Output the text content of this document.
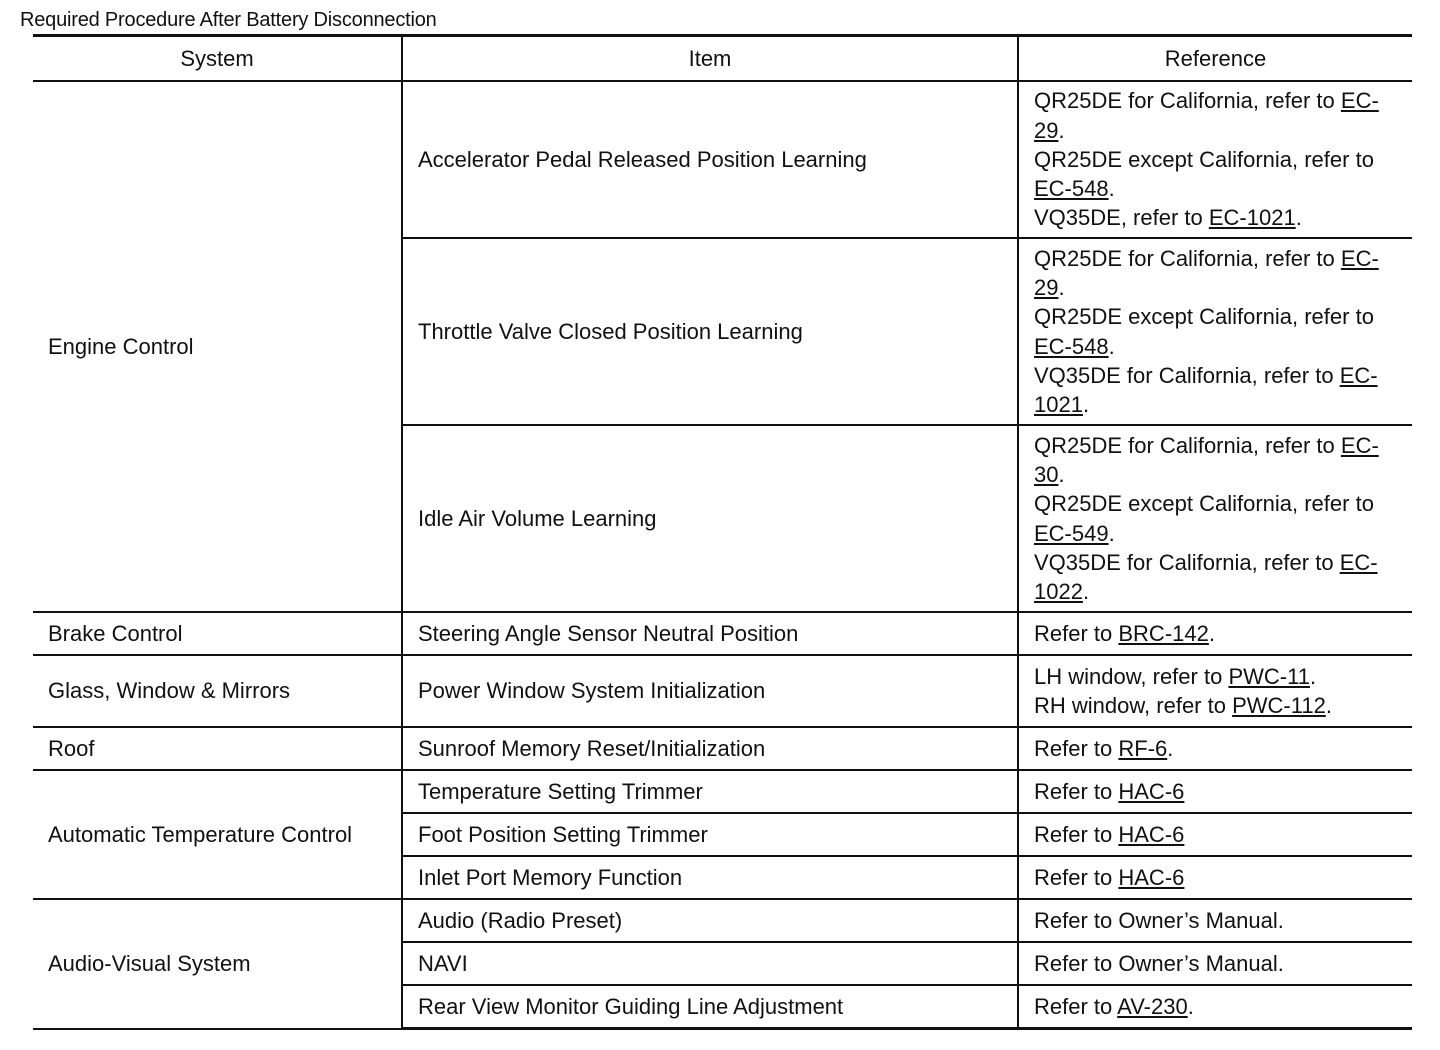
Required Procedure After Battery Disconnection
System	Item	Reference
Engine Control	Accelerator Pedal Released Position Learning	QR25DE for California, refer to EC-29.
QR25DE except California, refer to EC-548.
VQ35DE, refer to EC-1021.

	Throttle Valve Closed Position Learning	QR25DE for California, refer to EC-29.
QR25DE except California, refer to EC-548.
VQ35DE for California, refer to EC-1021.

	Idle Air Volume Learning	QR25DE for California, refer to EC-30.
QR25DE except California, refer to EC-549.
VQ35DE for California, refer to EC-1022.

Brake Control	Steering Angle Sensor Neutral Position	Refer to BRC-142.

Glass, Window & Mirrors	Power Window System Initialization	LH window, refer to PWC-11.
RH window, refer to PWC-112.

Roof	Sunroof Memory Reset/Initialization	Refer to RF-6.

Automatic Temperature Control	Temperature Setting Trimmer	Refer to HAC-6

	Foot Position Setting Trimmer	Refer to HAC-6

	Inlet Port Memory Function	Refer to HAC-6

Audio-Visual System	Audio (Radio Preset)	Refer to Owner’s Manual.

	NAVI	Refer to Owner’s Manual.

	Rear View Monitor Guiding Line Adjustment	Refer to AV-230.
